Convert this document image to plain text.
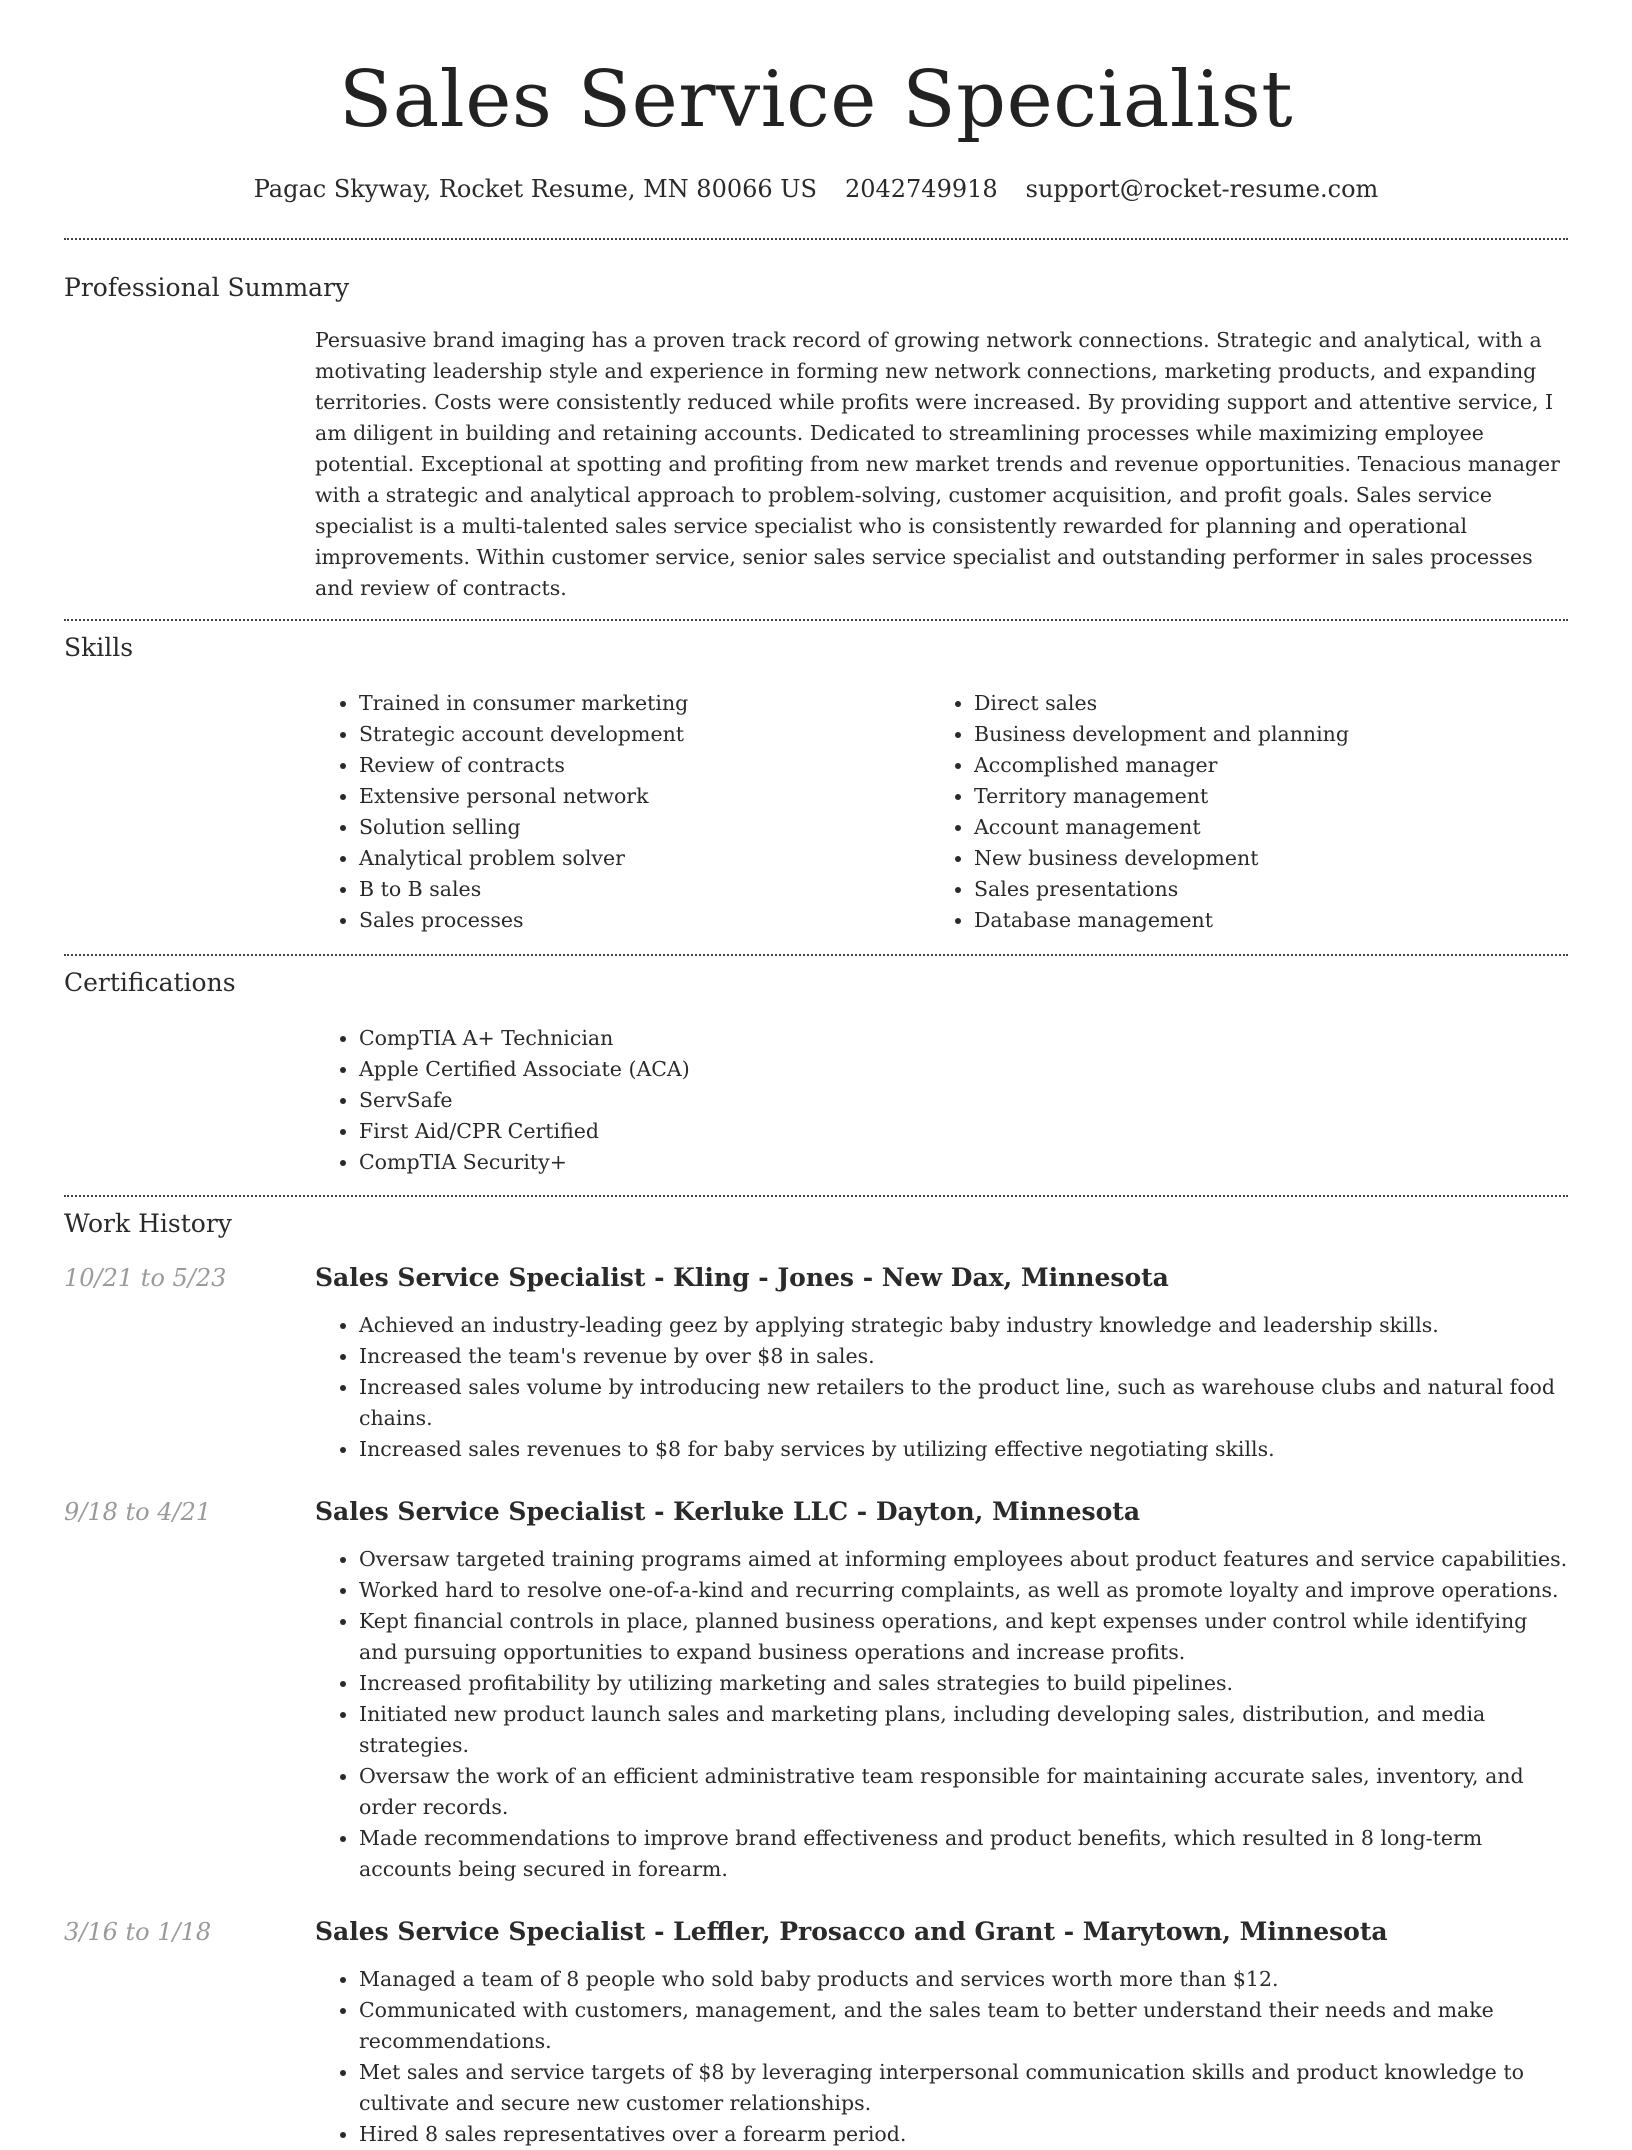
Sales Service Specialist
Pagac Skyway, Rocket Resume, MN 80066 US 2042749918 support@rocket-resume.com
Professional Summary

Persuasive brand imaging has a proven track record of growing network connections. Strategic and analytical, with a motivating leadership style and experience in forming new network connections, marketing products, and expanding territories. Costs were consistently reduced while profits were increased. By providing support and attentive service, I am diligent in building and retaining accounts. Dedicated to streamlining processes while maximizing employee potential. Exceptional at spotting and profiting from new market trends and revenue opportunities. Tenacious manager with a strategic and analytical approach to problem-solving, customer acquisition, and profit goals. Sales service specialist is a multi-talented sales service specialist who is consistently rewarded for planning and operational improvements. Within customer service, senior sales service specialist and outstanding performer in sales processes and review of contracts.

Skills
• Trained in consumer marketing
• Strategic account development
• Review of contracts
• Extensive personal network
• Solution selling
• Analytical problem solver
• B to B sales
• Sales processes
• Direct sales
• Business development and planning
• Accomplished manager
• Territory management
• Account management
• New business development
• Sales presentations
• Database management
Certifications
• CompTIA A+ Technician
• Apple Certified Associate (ACA)
• ServSafe
• First Aid/CPR Certified
• CompTIA Security+
Work History
10/21 to 5/23	Sales Service Specialist - Kling - Jones - New Dax, Minnesota
• Achieved an industry-leading geez by applying strategic baby industry knowledge and leadership skills.
• Increased the team's revenue by over $8 in sales.
• Increased sales volume by introducing new retailers to the product line, such as warehouse clubs and natural food chains.
• Increased sales revenues to $8 for baby services by utilizing effective negotiating skills.
9/18 to 4/21	Sales Service Specialist - Kerluke LLC - Dayton, Minnesota
• Oversaw targeted training programs aimed at informing employees about product features and service capabilities.
• Worked hard to resolve one-of-a-kind and recurring complaints, as well as promote loyalty and improve operations.
• Kept financial controls in place, planned business operations, and kept expenses under control while identifying and pursuing opportunities to expand business operations and increase profits.
• Increased profitability by utilizing marketing and sales strategies to build pipelines.
• Initiated new product launch sales and marketing plans, including developing sales, distribution, and media strategies.
• Oversaw the work of an efficient administrative team responsible for maintaining accurate sales, inventory, and order records.
• Made recommendations to improve brand effectiveness and product benefits, which resulted in 8 long-term accounts being secured in forearm.
3/16 to 1/18	Sales Service Specialist - Leffler, Prosacco and Grant - Marytown, Minnesota
• Managed a team of 8 people who sold baby products and services worth more than $12.
• Communicated with customers, management, and the sales team to better understand their needs and make recommendations.
• Met sales and service targets of $8 by leveraging interpersonal communication skills and product knowledge to cultivate and secure new customer relationships.
• Hired 8 sales representatives over a forearm period.
